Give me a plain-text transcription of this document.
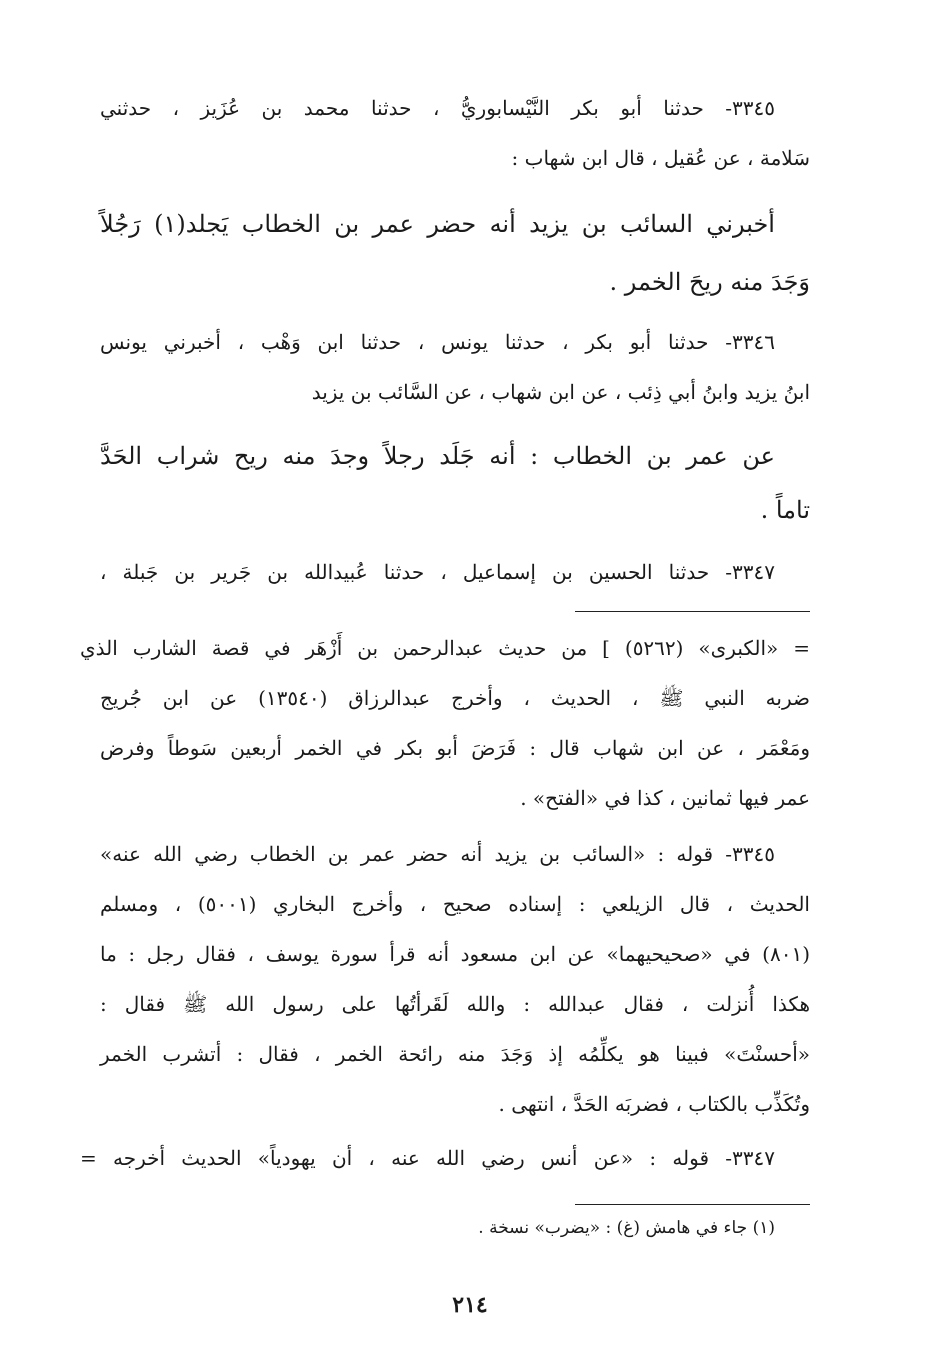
٣٣٤٥- حدثنا أبو بكر النَّيْسابوريُّ ، حدثنا محمد بن عُزَيز ، حدثني
سَلامة ، عن عُقيل ، قال ابن شهاب :
أخبرني السائب بن يزيد أنه حضر عمر بن الخطاب يَجلد(١) رَجُلاً
وَجَدَ منه ريحَ الخمر .
٣٣٤٦- حدثنا أبو بكر ، حدثنا يونس ، حدثنا ابن وَهْب ، أخبرني يونس
ابنُ يزيد وابنُ أبي ذِئب ، عن ابن شهاب ، عن السَّائب بن يزيد
عن عمر بن الخطاب : أنه جَلَد رجلاً وجدَ منه ريح شراب الحَدَّ
تاماً .
٣٣٤٧- حدثنا الحسين بن إسماعيل ، حدثنا عُبيدالله بن جَرير بن جَبلة ،
= «الكبرى» (٥٢٦٢) ] من حديث عبدالرحمن بن أَزْهَر في قصة الشارب الذي
ضربه النبي ﷺ ، الحديث ، وأخرج عبدالرزاق (١٣٥٤٠) عن ابن جُريج
ومَعْمَر ، عن ابن شهاب قال : فَرَضَ أبو بكر في الخمر أربعين سَوطاً وفرض
عمر فيها ثمانين ، كذا في «الفتح» .
٣٣٤٥- قوله : «السائب بن يزيد أنه حضر عمر بن الخطاب رضي الله عنه»
الحديث ، قال الزيلعي : إسناده صحيح ، وأخرج البخاري (٥٠٠١) ، ومسلم
(٨٠١) في «صحيحيهما» عن ابن مسعود أنه قرأ سورة يوسف ، فقال رجل : ما
هكذا أُنزلت ، فقال عبدالله : والله لَقَرأتُها على رسول الله ﷺ فقال :
«أحسنْتَ» فبينا هو يكلِّمُه إذ وَجَدَ منه رائحة الخمر ، فقال : أتشرب الخمر
وتُكَذِّب بالكتاب ، فضربَه الحَدَّ ، انتهى .
٣٣٤٧- قوله : «عن أنس رضي الله عنه ، أن يهودياً» الحديث أخرجه =
(١) جاء في هامش (غ) : «يضرب» نسخة .
٢١٤
